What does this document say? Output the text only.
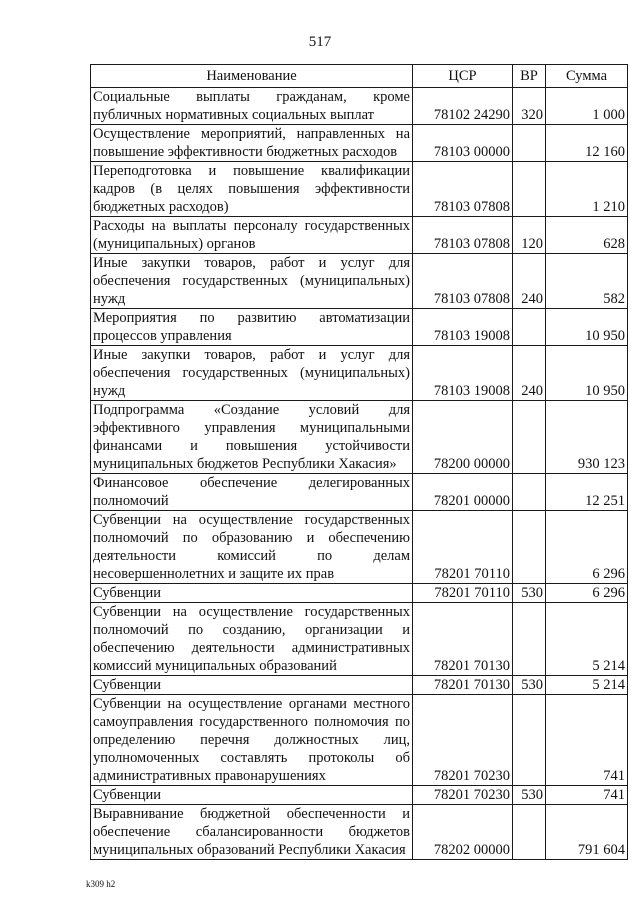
517
Наименование	ЦСР	ВР	Сумма
Социальные выплаты гражданам, кроме публичных нормативных социальных выплат	78102 24290	320	1 000
Осуществление мероприятий, направленных на повышение эффективности бюджетных расходов	78103 00000		12 160
Переподготовка и повышение квалификации кадров (в целях повышения эффективности бюджетных расходов)	78103 07808		1 210
Расходы на выплаты персоналу государственных (муниципальных) органов	78103 07808	120	628
Иные закупки товаров, работ и услуг для обеспечения государственных (муниципальных) нужд	78103 07808	240	582
Мероприятия по развитию автоматизации процессов управления	78103 19008		10 950
Иные закупки товаров, работ и услуг для обеспечения государственных (муниципальных) нужд	78103 19008	240	10 950
Подпрограмма «Создание условий для эффективного управления муниципальными финансами и повышения устойчивости муниципальных бюджетов Республики Хакасия»	78200 00000		930 123
Финансовое обеспечение делегированных полномочий	78201 00000		12 251
Субвенции на осуществление государственных полномочий по образованию и обеспечению деятельности комиссий по делам несовершеннолетних и защите их прав	78201 70110		6 296
Субвенции	78201 70110	530	6 296
Субвенции на осуществление государственных полномочий по созданию, организации и обеспечению деятельности административных комиссий муниципальных образований	78201 70130		5 214
Субвенции	78201 70130	530	5 214
Субвенции на осуществление органами местного самоуправления государственного полномочия по определению перечня должностных лиц, уполномоченных составлять протоколы об административных правонарушениях	78201 70230		741
Субвенции	78201 70230	530	741
Выравнивание бюджетной обеспеченности и обеспечение сбалансированности бюджетов муниципальных образований Республики Хакасия	78202 00000		791 604
k309 h2
